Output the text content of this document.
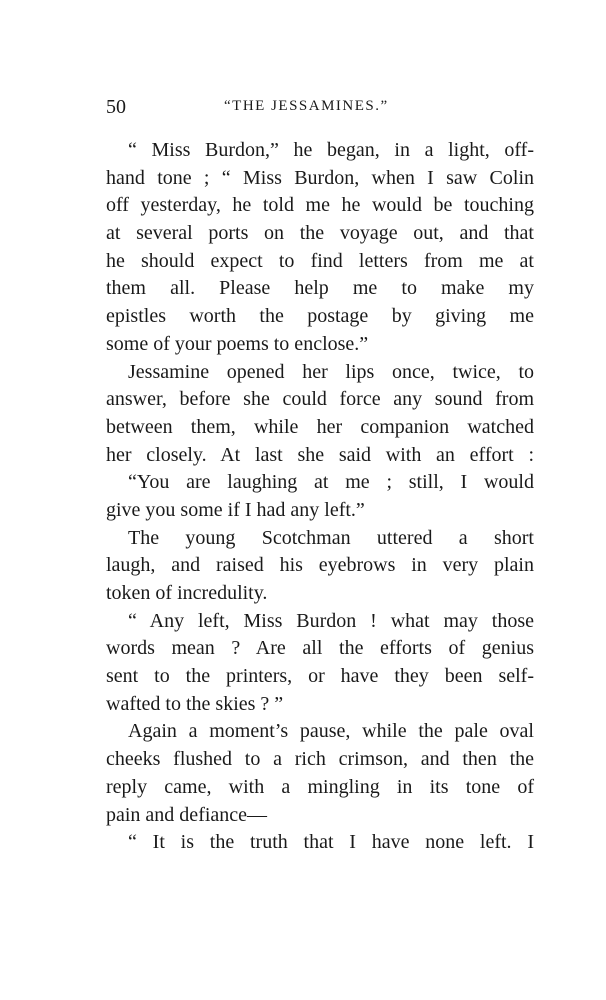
50	“THE JESSAMINES.”
“ Miss Burdon,” he began, in a light, off-
hand tone ; “ Miss Burdon, when I saw Colin
off yesterday, he told me he would be touching
at several ports on the voyage out, and that
he should expect to find letters from me at
them all. Please help me to make my
epistles worth the postage by giving me
some of your poems to enclose.”
Jessamine opened her lips once, twice, to
answer, before she could force any sound from
between them, while her companion watched
her closely. At last she said with an effort :
“You are laughing at me ; still, I would
give you some if I had any left.”
The young Scotchman uttered a short
laugh, and raised his eyebrows in very plain
token of incredulity.
“ Any left, Miss Burdon ! what may those
words mean ? Are all the efforts of genius
sent to the printers, or have they been self-
wafted to the skies ? ”
Again a moment’s pause, while the pale oval
cheeks flushed to a rich crimson, and then the
reply came, with a mingling in its tone of
pain and defiance—
“ It is the truth that I have none left. I
